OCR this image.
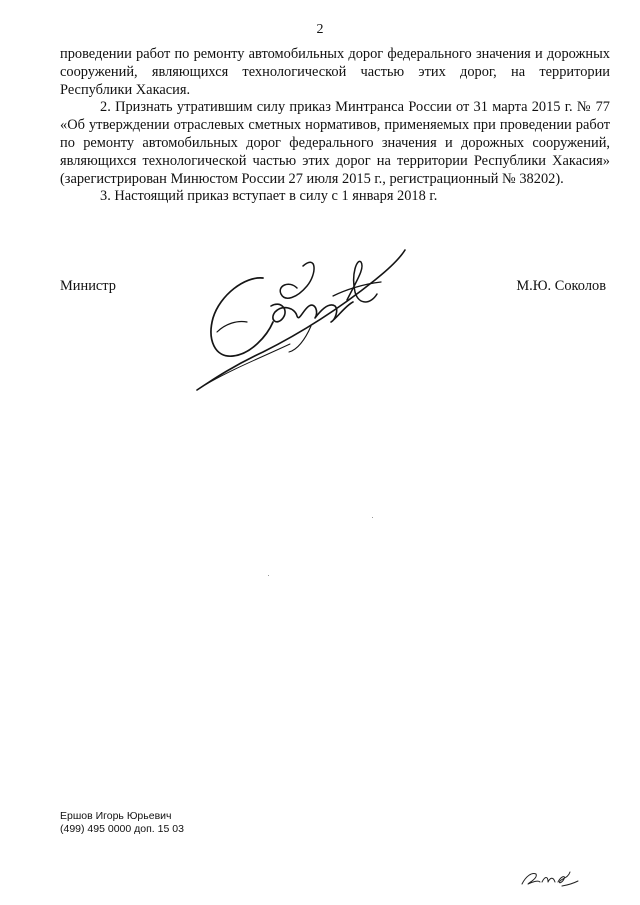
2

проведении работ по ремонту автомобильных дорог федерального значения и дорожных сооружений, являющихся технологической частью этих дорог, на территории Республики Хакасия.

2. Признать утратившим силу приказ Минтранса России от 31 марта 2015 г. № 77 «Об утверждении отраслевых сметных нормативов, применяемых при проведении работ по ремонту автомобильных дорог федерального значения и дорожных сооружений, являющихся технологической частью этих дорог на территории Республики Хакасия» (зарегистрирован Минюстом России 27 июля 2015 г., регистрационный № 38202).

3. Настоящий приказ вступает в силу с 1 января 2018 г.

Министр	М.Ю. Соколов
Ершов Игорь Юрьевич
(499) 495 0000 доп. 15 03
